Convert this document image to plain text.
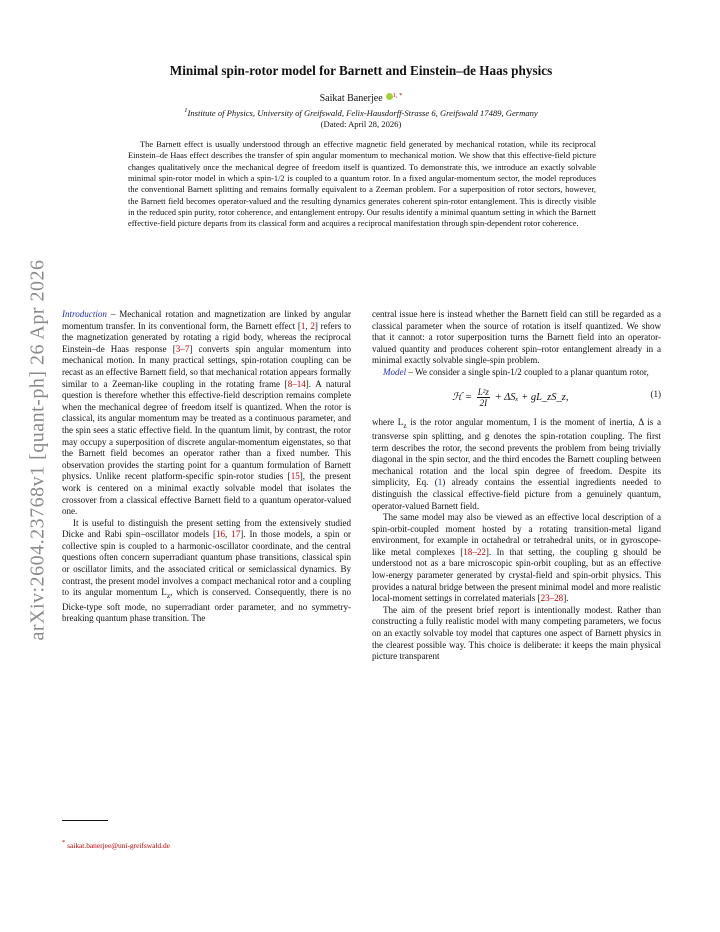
arXiv:2604.23768v1 [quant-ph] 26 Apr 2026
Minimal spin-rotor model for Barnett and Einstein–de Haas physics
Saikat Banerjee $^{1, *}$
$^1$Institute of Physics, University of Greifswald, Felix-Hausdorff-Strasse 6, Greifswald 17489, Germany
(Dated: April 28, 2026)

The Barnett effect is usually understood through an effective magnetic field generated by mechanical rotation, while its reciprocal Einstein–de Haas effect describes the transfer of spin angular momentum to mechanical motion. We show that this effective-field picture changes qualitatively once the mechanical degree of freedom itself is quantized. To demonstrate this, we introduce an exactly solvable minimal spin-rotor model in which a spin-1/2 is coupled to a quantum rotor. In a fixed angular-momentum sector, the model reproduces the conventional Barnett splitting and remains formally equivalent to a Zeeman problem. For a superposition of rotor sectors, however, the Barnett field becomes operator-valued and the resulting dynamics generates coherent spin-rotor entanglement. This is directly visible in the reduced spin purity, rotor coherence, and entanglement entropy. Our results identify a minimal quantum setting in which the Barnett effective-field picture departs from its classical form and acquires a reciprocal manifestation through spin-dependent rotor coherence.

Introduction – Mechanical rotation and magnetization are linked by angular momentum transfer. In its conventional form, the Barnett effect [1, 2] refers to the magnetization generated by rotating a rigid body, whereas the reciprocal Einstein–de Haas response [3–7] converts spin angular momentum into mechanical motion. In many practical settings, spin-rotation coupling can be recast as an effective Barnett field, so that mechanical rotation appears formally similar to a Zeeman-like coupling in the rotating frame [8–14]. A natural question is therefore whether this effective-field description remains complete when the mechanical degree of freedom itself is quantized. When the rotor is classical, its angular momentum may be treated as a continuous parameter, and the spin sees a static effective field. In the quantum limit, by contrast, the rotor may occupy a superposition of discrete angular-momentum eigenstates, so that the Barnett field becomes an operator rather than a fixed number. This observation provides the starting point for a quantum formulation of Barnett physics. Unlike recent platform-specific spin-rotor studies [15], the present work is centered on a minimal exactly solvable model that isolates the crossover from a classical effective Barnett field to a quantum operator-valued one.

It is useful to distinguish the present setting from the extensively studied Dicke and Rabi spin–oscillator models [16, 17]. In those models, a spin or collective spin is coupled to a harmonic-oscillator coordinate, and the central questions often concern superradiant quantum phase transitions, classical spin or oscillator limits, and the associated critical or semiclassical dynamics. By contrast, the present model involves a compact mechanical rotor and a coupling to its angular momentum $L_z$, which is conserved. Consequently, there is no Dicke-type soft mode, no superradiant order parameter, and no symmetry-breaking quantum phase transition. The

central issue here is instead whether the Barnett field can still be regarded as a classical parameter when the source of rotation is itself quantized. We show that it cannot: a rotor superposition turns the Barnett field into an operator-valued quantity and produces coherent spin–rotor entanglement already in a minimal exactly solvable single-spin problem.

Model – We consider a single spin-1/2 coupled to a planar quantum rotor,

ℋ = $\frac{\text{L²z}}{2I} + \Delta S_x$ + gL_zS_z,	(1)

where $L_z$ is the rotor angular momentum, I is the moment of inertia, Δ is a transverse spin splitting, and g denotes the spin-rotation coupling. The first term describes the rotor, the second prevents the problem from being trivially diagonal in the spin sector, and the third encodes the Barnett coupling between mechanical rotation and the local spin degree of freedom. Despite its simplicity, Eq. (1) already contains the essential ingredients needed to distinguish the classical effective-field picture from a genuinely quantum, operator-valued Barnett field.

The same model may also be viewed as an effective local description of a spin-orbit-coupled moment hosted by a rotating transition-metal ligand environment, for example in octahedral or tetrahedral units, or in gyroscope-like metal complexes [18–22]. In that setting, the coupling g should be understood not as a bare microscopic spin-orbit coupling, but as an effective low-energy parameter generated by crystal-field and spin-orbit physics. This provides a natural bridge between the present minimal model and more realistic local-moment settings in correlated materials [23–28].

The aim of the present brief report is intentionally modest. Rather than constructing a fully realistic model with many competing parameters, we focus on an exactly solvable toy model that captures one aspect of Barnett physics in the clearest possible way. This choice is deliberate: it keeps the main physical picture transparent

* saikat.banerjee@uni-greifswald.de
